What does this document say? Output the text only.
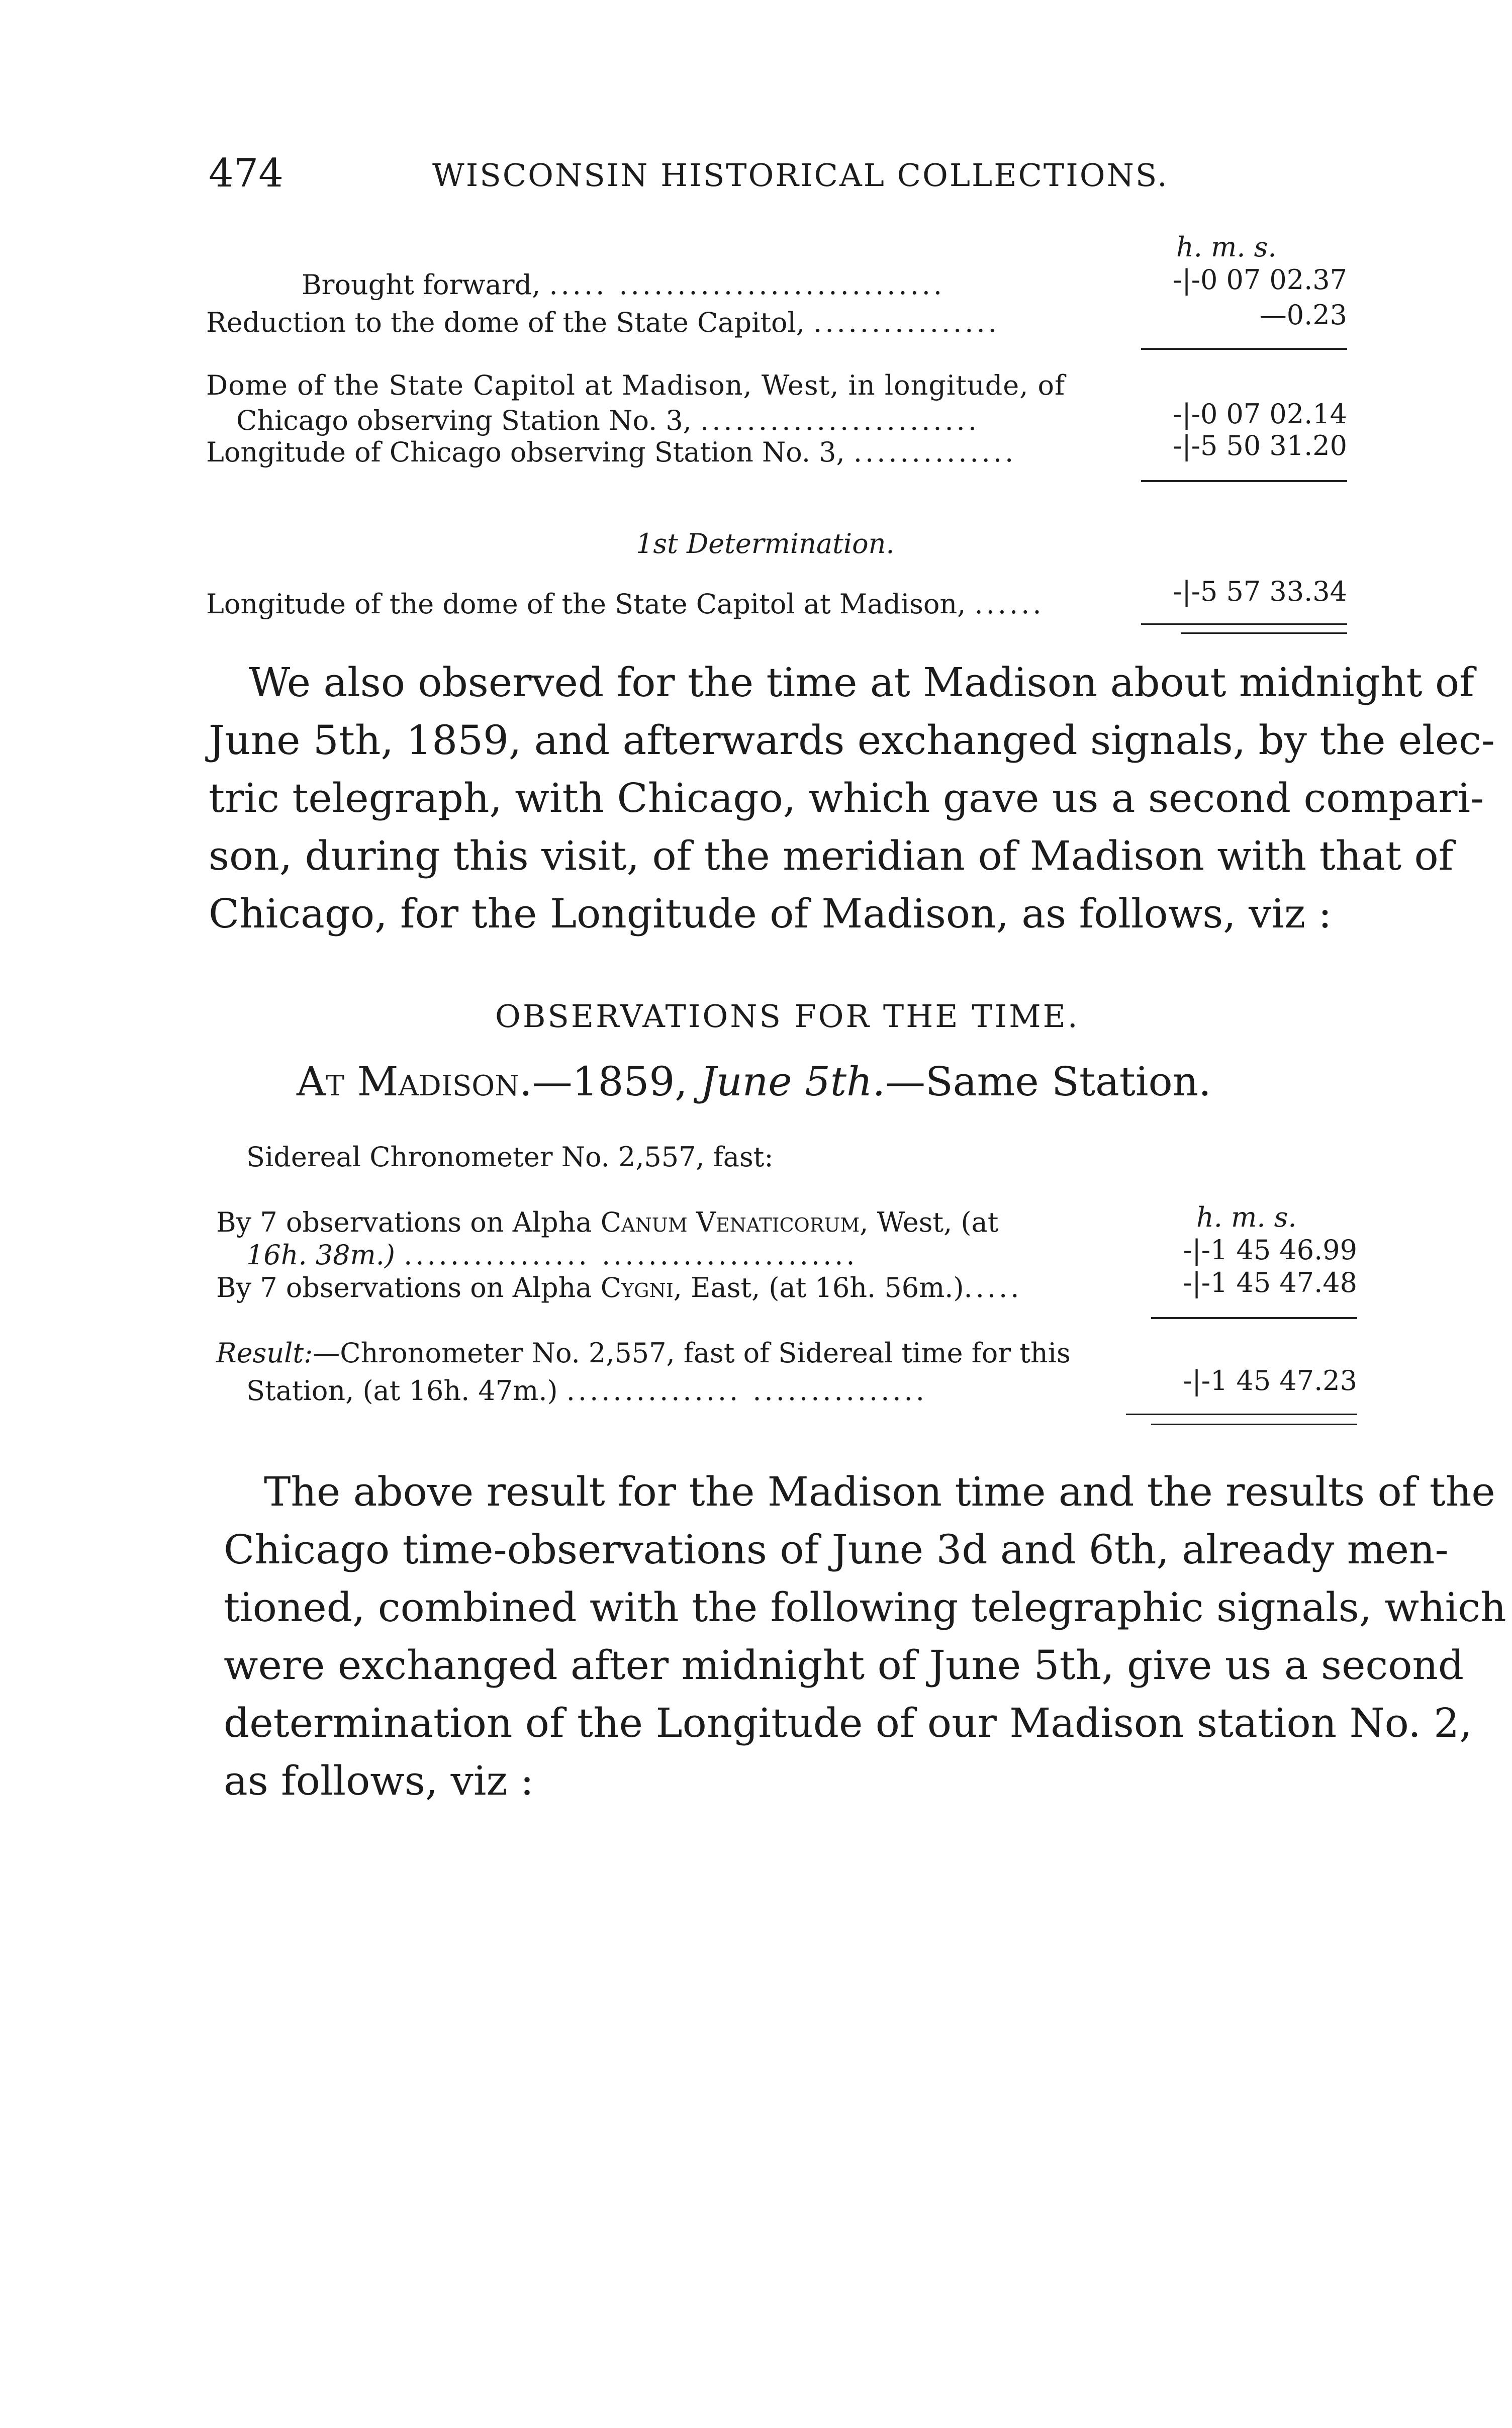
474	WISCONSIN HISTORICAL COLLECTIONS.
h. m. s.
Brought forward, ..... ............................	-|-0 07 02.37
Reduction to the dome of the State Capitol, ................	—0.23
Dome of the State Capitol at Madison, West, in longitude, of
Chicago observing Station No. 3, ........................	-|-0 07 02.14
Longitude of Chicago observing Station No. 3, ..............	-|-5 50 31.20
1st Determination.
Longitude of the dome of the State Capitol at Madison, ......	-|-5 57 33.34
We also observed for the time at Madison about midnight of
June 5th, 1859, and afterwards exchanged signals, by the elec-
tric telegraph, with Chicago, which gave us a second compari-
son, during this visit, of the meridian of Madison with that of
Chicago, for the Longitude of Madison, as follows, viz :
OBSERVATIONS FOR THE TIME.
At Madison.—1859, June 5th.—Same Station.
Sidereal Chronometer No. 2,557, fast:
h. m. s.
By 7 observations on Alpha Canum Venaticorum, West, (at
16h. 38m.) ................ ......................	-|-1 45 46.99
By 7 observations on Alpha Cygni, East, (at 16h. 56m.).....	-|-1 45 47.48
Result:—Chronometer No. 2,557, fast of Sidereal time for this
Station, (at 16h. 47m.) ............... ...............	-|-1 45 47.23
The above result for the Madison time and the results of the
Chicago time-observations of June 3d and 6th, already men-
tioned, combined with the following telegraphic signals, which
were exchanged after midnight of June 5th, give us a second
determination of the Longitude of our Madison station No. 2,
as follows, viz :
